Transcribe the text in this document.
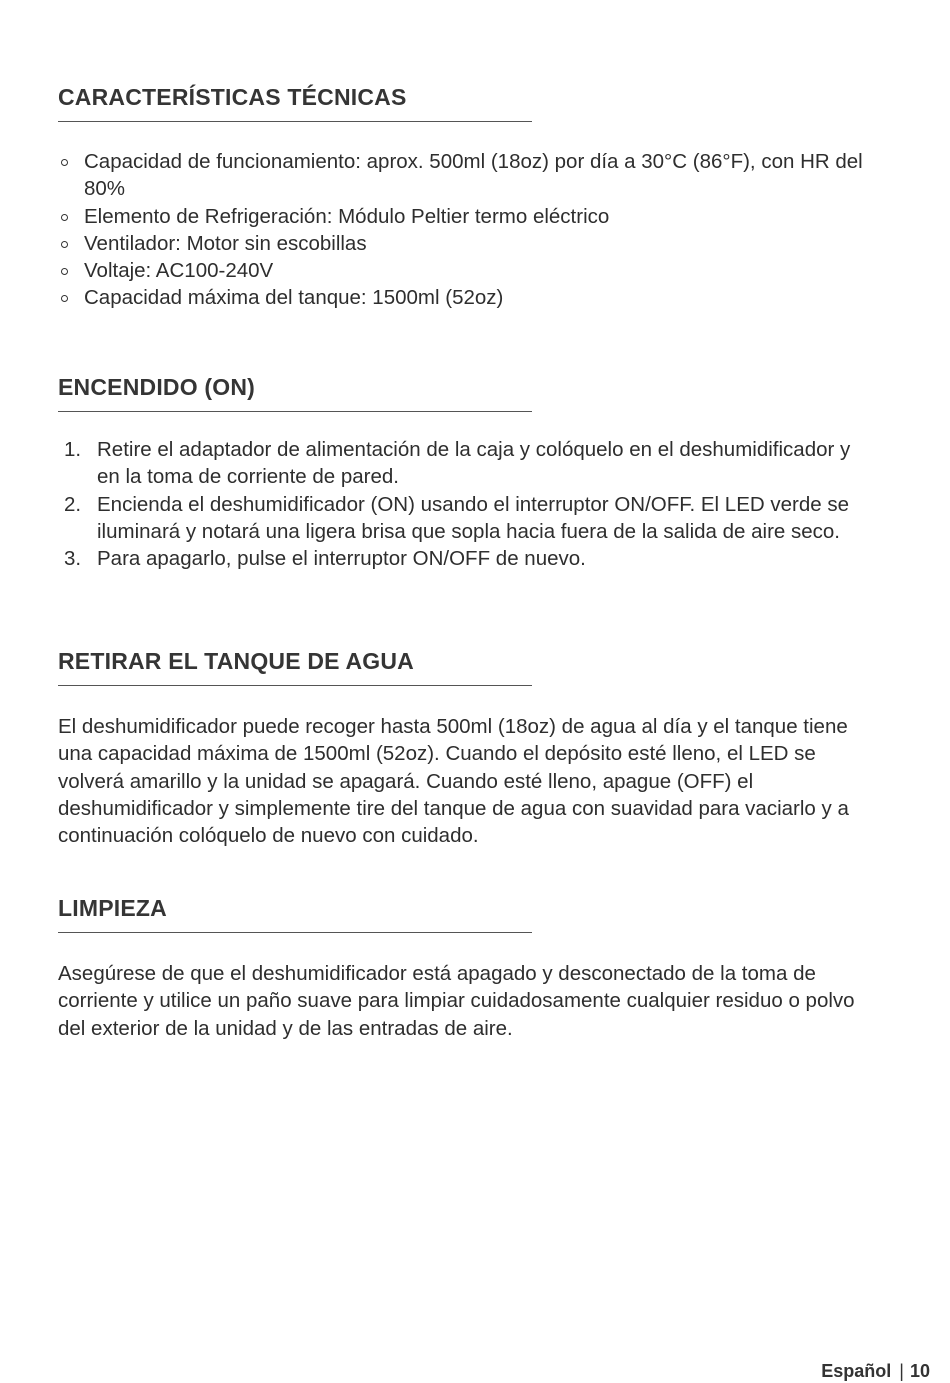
CARACTERÍSTICAS TÉCNICAS
Capacidad de funcionamiento: aprox. 500ml (18oz) por día a 30°C (86°F), con HR del 80%
Elemento de Refrigeración: Módulo Peltier termo eléctrico
Ventilador: Motor sin escobillas
Voltaje: AC100-240V
Capacidad máxima del tanque: 1500ml (52oz)
ENCENDIDO (ON)
1. Retire el adaptador de alimentación de la caja y colóquelo en el deshumidificador y en la toma de corriente de pared.
2. Encienda el deshumidificador (ON) usando el interruptor ON/OFF. El LED verde se iluminará y notará una ligera brisa que sopla hacia fuera de la salida de aire seco.
3. Para apagarlo, pulse el interruptor ON/OFF de nuevo.
RETIRAR EL TANQUE DE AGUA

El deshumidificador puede recoger hasta 500ml (18oz) de agua al día y el tanque tiene una capacidad máxima de 1500ml (52oz). Cuando el depósito esté lleno, el LED se volverá amarillo y la unidad se apagará. Cuando esté lleno, apague (OFF) el deshumidificador y simplemente tire del tanque de agua con suavidad para vaciarlo y a continuación colóquelo de nuevo con cuidado.

LIMPIEZA

Asegúrese de que el deshumidificador está apagado y desconectado de la toma de corriente y utilice un paño suave para limpiar cuidadosamente cualquier residuo o polvo del exterior de la unidad y de las entradas de aire.

Español | 10
